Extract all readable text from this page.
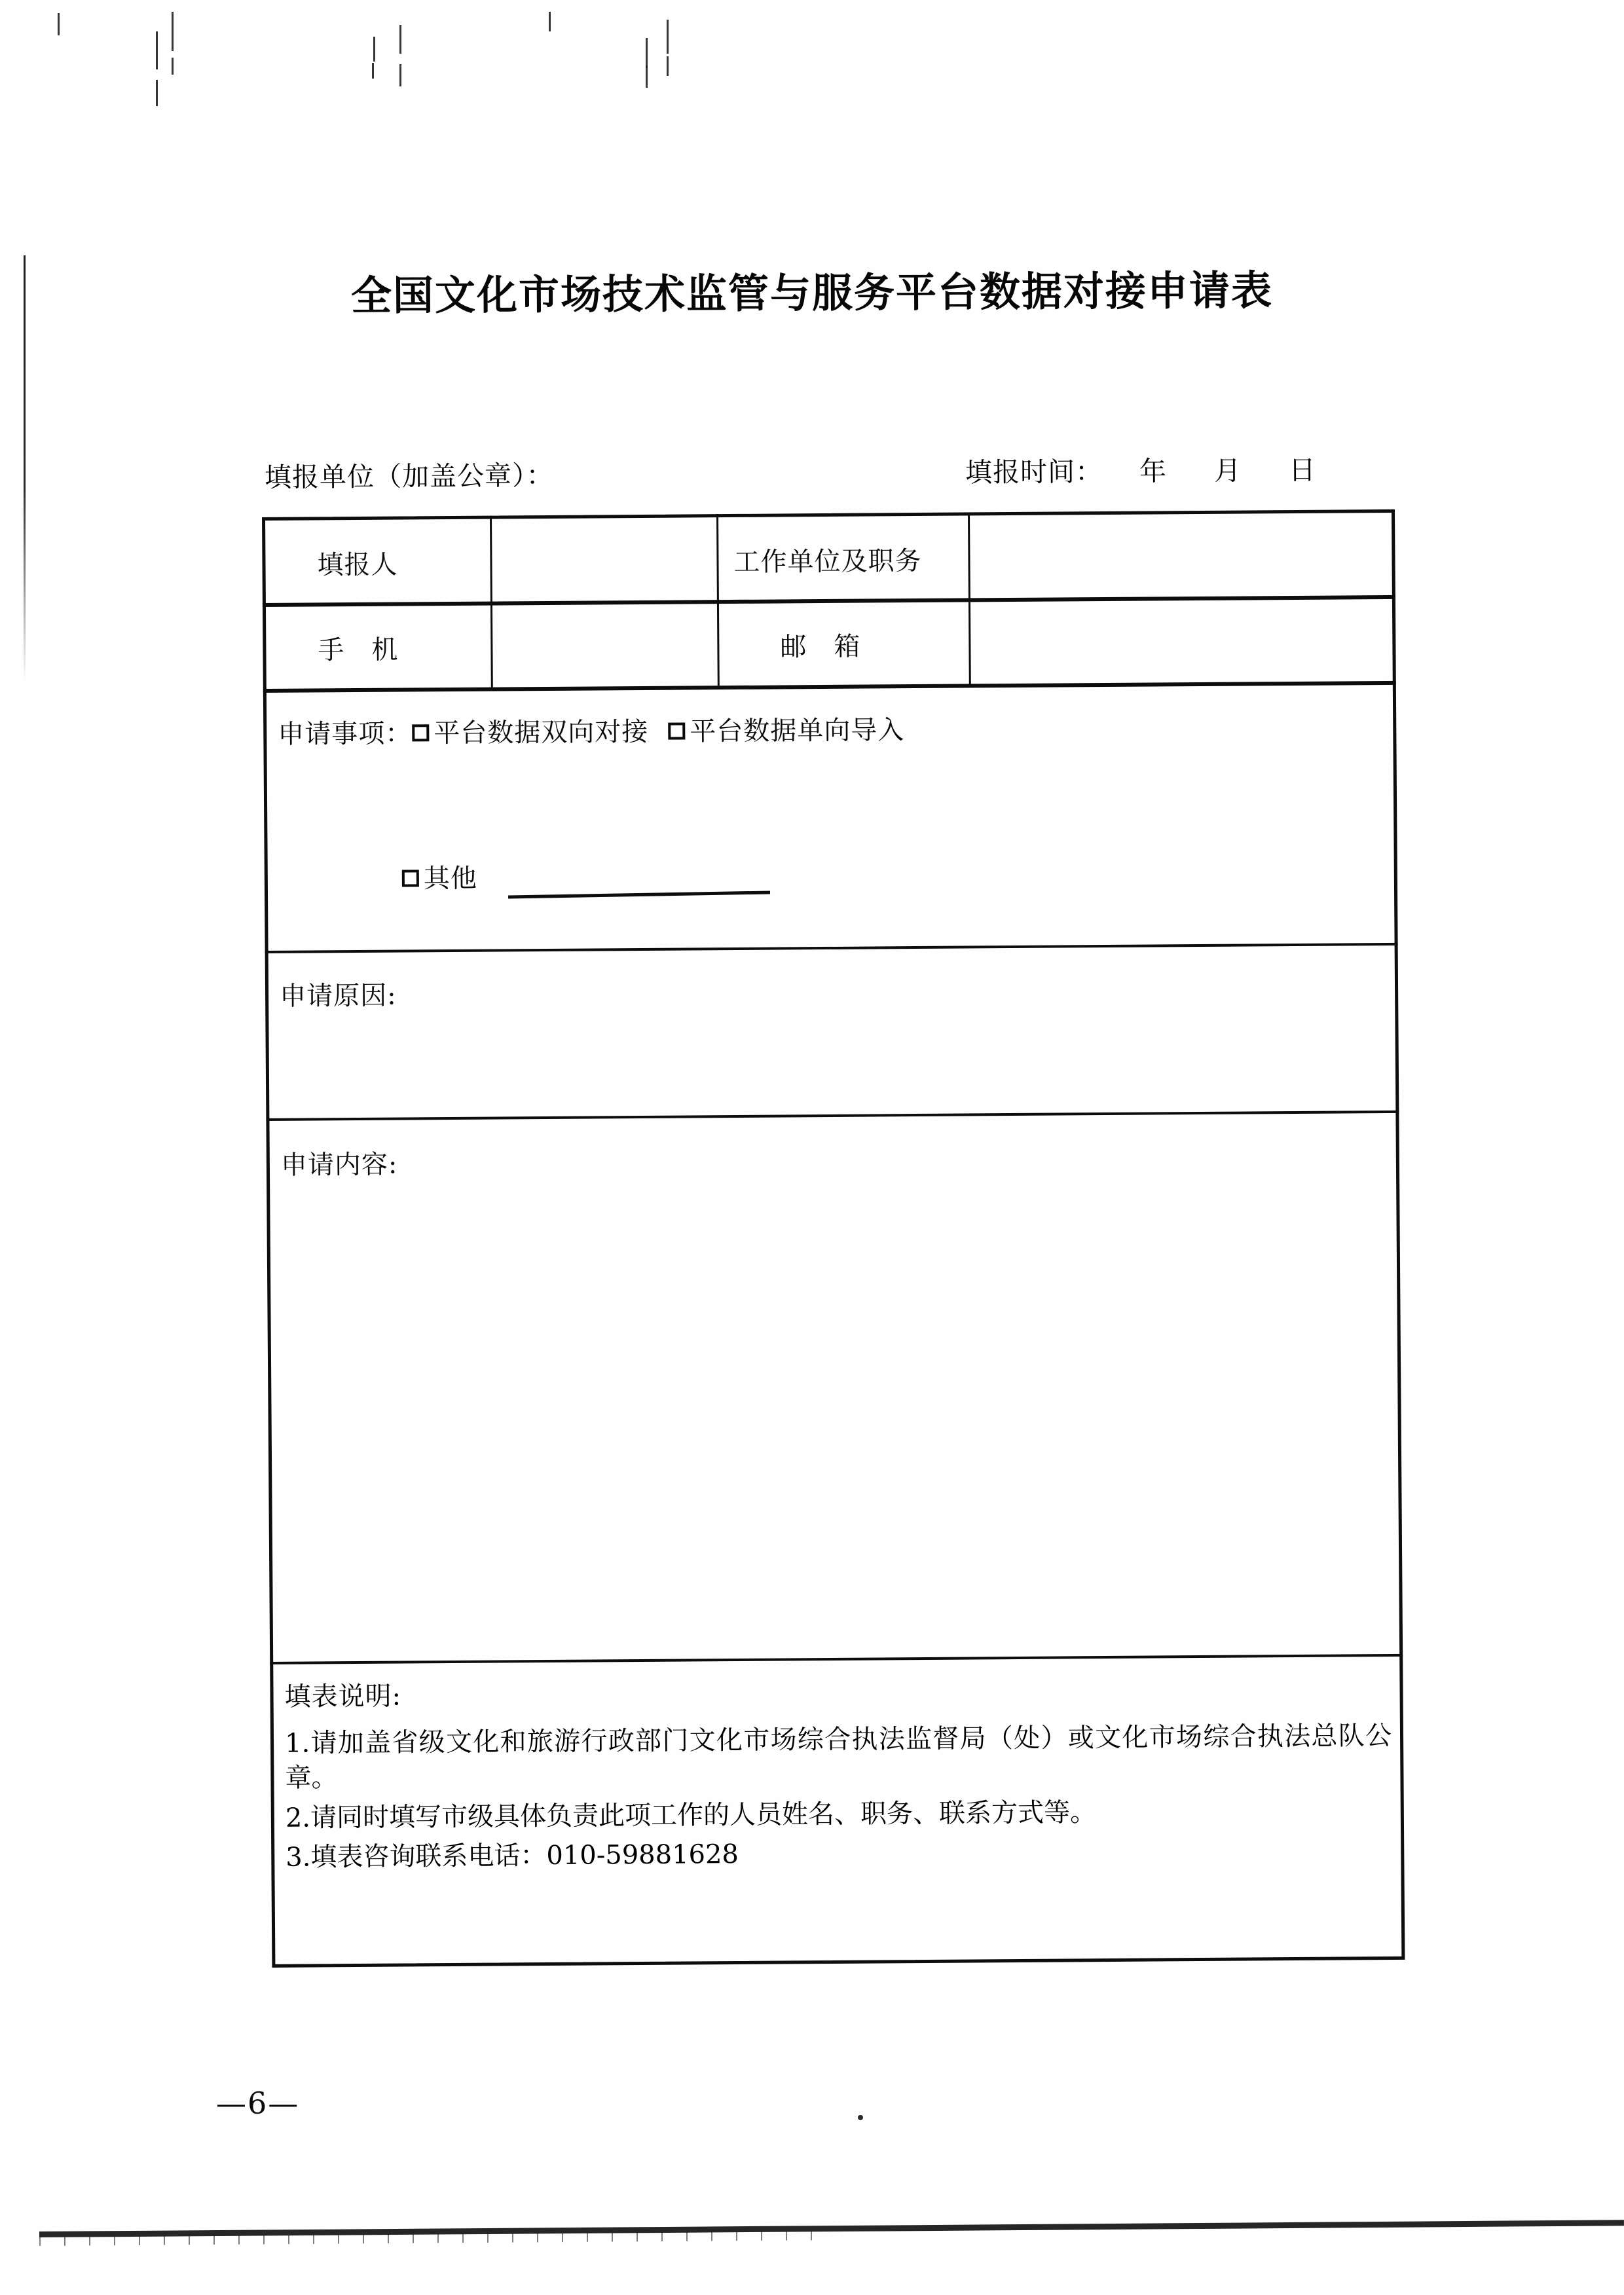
全国文化市场技术监管与服务平台数据对接申请表
填报单位（加盖公章）：	填报时间： 年 月 日
填报人	工作单位及职务
手　机	邮　箱
申请事项： 平台数据双向对接	平台数据单向导入
其他
申请原因:
申请内容:
填表说明:
1.请加盖省级文化和旅游行政部门文化市场综合执法监督局（处）或文化市场综合执法总队公章。
2.请同时填写市级具体负责此项工作的人员姓名、职务、联系方式等。
3.填表咨询联系电话：010-59881628
—6—
